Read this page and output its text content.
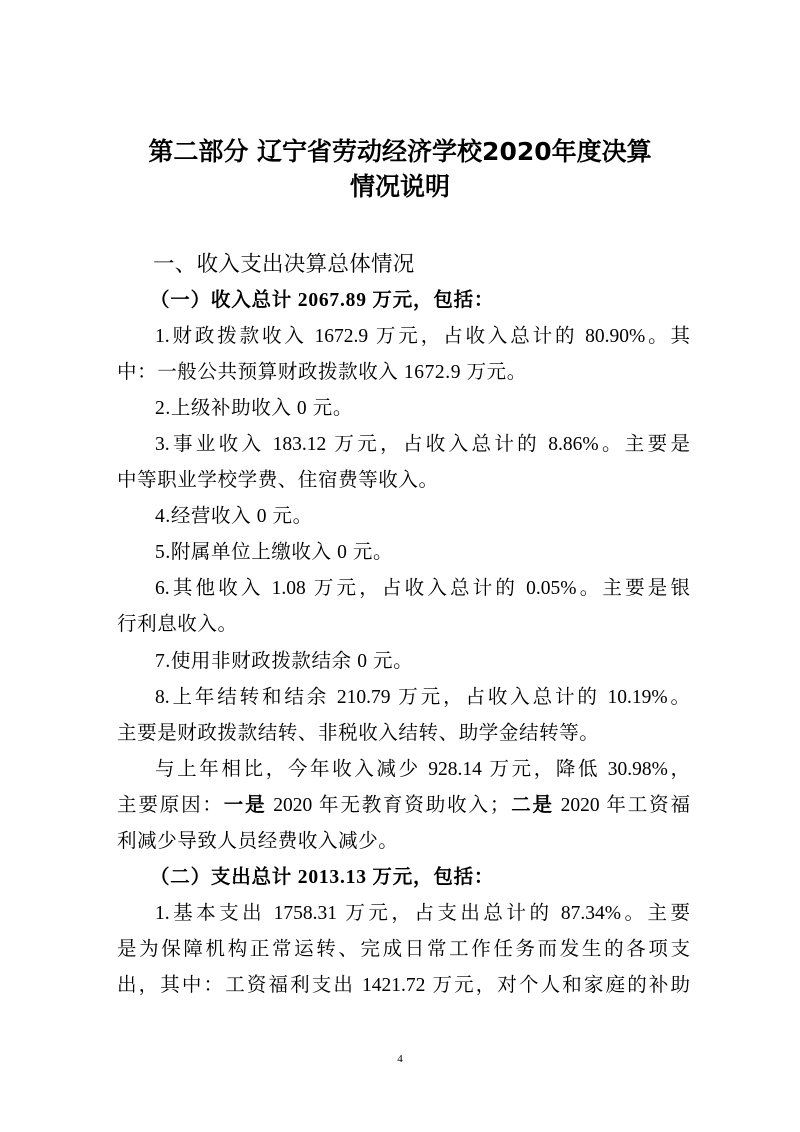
第二部分 辽宁省劳动经济学校2020年度决算
情况说明
一、收入支出决算总体情况
（一）收入总计 2067.89 万元，包括：
1.财政拨款收入 1672.9 万元，占收入总计的 80.90%。其
中：一般公共预算财政拨款收入 1672.9 万元。
2.上级补助收入 0 元。
3.事业收入 183.12 万元，占收入总计的 8.86%。主要是
中等职业学校学费、住宿费等收入。
4.经营收入 0 元。
5.附属单位上缴收入 0 元。
6.其他收入 1.08 万元，占收入总计的 0.05%。主要是银
行利息收入。
7.使用非财政拨款结余 0 元。
8.上年结转和结余 210.79 万元，占收入总计的 10.19%。
主要是财政拨款结转、非税收入结转、助学金结转等。
与上年相比，今年收入减少 928.14 万元，降低 30.98%，
主要原因：一是 2020 年无教育资助收入；二是 2020 年工资福
利减少导致人员经费收入减少。
（二）支出总计 2013.13 万元，包括：
1.基本支出 1758.31 万元，占支出总计的 87.34%。主要
是为保障机构正常运转、完成日常工作任务而发生的各项支
出，其中：工资福利支出 1421.72 万元，对个人和家庭的补助
4
